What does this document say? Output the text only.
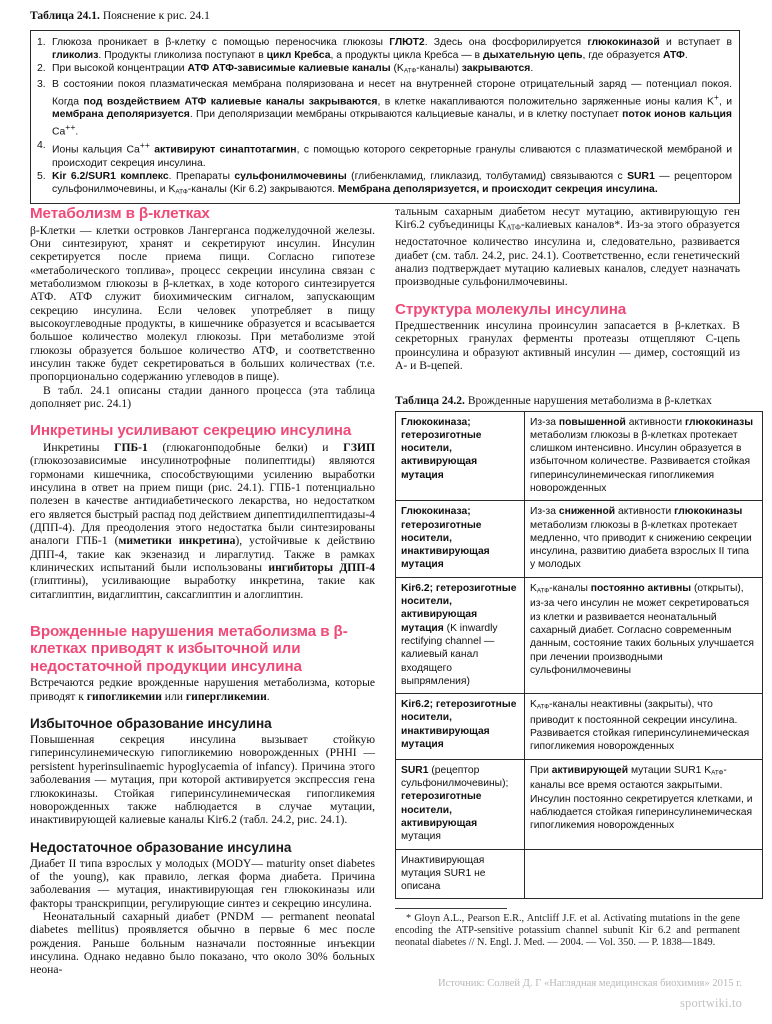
Таблица 24.1. Пояснение к рис. 24.1
Глюкоза проникает в β-клетку с помощью переносчика глюкозы ГЛЮТ2. Здесь она фосфорилируется глюкокиназой и вступает в гликолиз. Продукты гликолиза поступают в цикл Кребса, а продукты цикла Кребса — в дыхательную цепь, где образуется АТФ.
При высокой концентрации АТФ АТФ-зависимые калиевые каналы $(K_{АТФ}-каналы)$ закрываются.
В состоянии покоя плазматическая мембрана поляризована и несет на внутренней стороне отрицательный заряд — потенциал покоя. Когда под воздействием АТФ калиевые каналы закрываются, в клетке накапливаются положительно заряженные ионы калия K+, и мембрана деполяризуется. При деполяризации мембраны открываются кальциевые каналы, и в клетку поступает поток ионов кальция Ca++.
Ионы кальция Ca++ активируют синаптотагмин, с помощью которого секреторные гранулы сливаются с плазматической мембраной и происходит секреция инсулина.
Kir 6.2/SUR1 комплекс. Препараты сульфонилмочевины (глибенкламид, гликлазид, толбутамид) связываются с SUR1 — рецептором сульфонилмочевины, и $K_{АТФ}$-каналы (Kir 6.2) закрываются. Мембрана деполяризуется, и происходит секреция инсулина.
Метаболизм в β-клетках

β-Клетки — клетки островков Лангерганса поджелудочной железы. Они синтезируют, хранят и секретируют инсулин. Инсулин секретируется после приема пищи. Согласно гипотезе «метаболического топлива», процесс секреции инсулина связан с метаболизмом глюкозы в β-клетках, в ходе которого синтезируется АТФ. АТФ служит биохимическим сигналом, запускающим секрецию инсулина. Если человек употребляет в пищу высокоуглеводные продукты, в кишечнике образуется и всасывается большое количество молекул глюкозы. При метаболизме этой глюкозы образуется большое количество АТФ, и соответственно инсулин также будет секретироваться в больших количествах (т.е. пропорционально содержанию углеводов в пище).

В табл. 24.1 описаны стадии данного процесса (эта таблица дополняет рис. 24.1)

Инкретины усиливают секрецию инсулина

Инкретины ГПБ-1 (глюкагонподобные белки) и ГЗИП (глюкозозависимые инсулинотрофные полипептиды) являются гормонами кишечника, способствующими усилению выработки инсулина в ответ на прием пищи (рис. 24.1). ГПБ-1 потенциально полезен в качестве антидиабетического лекарства, но недостатком его является быстрый распад под действием дипептидилпептидазы-4 (ДПП-4). Для преодоления этого недостатка были синтезированы аналоги ГПБ-1 (миметики инкретина), устойчивые к действию ДПП-4, такие как экзеназид и лираглутид. Также в рамках клинических испытаний были использованы ингибиторы ДПП-4 (глиптины), усиливающие выработку инкретина, такие как ситаглиптин, видаглиптин, саксаглиптин и алоглиптин.

Врожденные нарушения метаболизма в β-клетках приводят к избыточной или недостаточной продукции инсулина

Встречаются редкие врожденные нарушения метаболизма, которые приводят к гипогликемии или гипергликемии.

Избыточное образование инсулина

Повышенная секреция инсулина вызывает стойкую гиперинсулинемическую гипогликемию новорожденных (PHHI — persistent hyperinsulinaemic hypoglycaemia of infancy). Причина этого заболевания — мутация, при которой активируется экспрессия гена глюкокиназы. Стойкая гиперинсулинемическая гипогликемия новорожденных также наблюдается в случае мутации, инактивирующей калиевые каналы Kir6.2 (табл. 24.2, рис. 24.1).

Недостаточное образование инсулина

Диабет II типа взрослых у молодых (MODY— maturity onset diabetes of the young), как правило, легкая форма диабета. Причина заболевания — мутация, инактивирующая ген глюкокиназы или факторы транскрипции, регулирующие синтез и секрецию инсулина.

Неонатальный сахарный диабет (PNDM — permanent neonatal diabetes mellitus) проявляется обычно в первые 6 мес после рождения. Раньше больным назначали постоянные инъекции инсулина. Однако недавно было показано, что около 30% больных неона-

тальным сахарным диабетом несут мутацию, активирующую ген Kir6.2 субъединицы $K_{АТФ}$-калиевых каналов*. Из-за этого образуется недостаточное количество инсулина и, следовательно, развивается диабет (см. табл. 24.2, рис. 24.1). Соответственно, если генетический анализ подтверждает мутацию калиевых каналов, следует назначать производные сульфонилмочевины.

Структура молекулы инсулина

Предшественник инсулина проинсулин запасается в β-клетках. В секреторных гранулах ферменты протеазы отщепляют C-цепь проинсулина и образуют активный инсулин — димер, состоящий из A- и B-цепей.

Таблица 24.2. Врожденные нарушения метаболизма в β-клетках
Глюкокиназа; гетерозиготные носители, активирующая мутация	Из-за повышенной активности глюкокиназы метаболизм глюкозы в β-клетках протекает слишком интенсивно. Инсулин образуется в избыточном количестве. Развивается стойкая гиперинсулинемическая гипогликемия новорожденных
Глюкокиназа; гетерозиготные носители, инактивирующая мутация	Из-за сниженной активности глюкокиназы метаболизм глюкозы в β-клетках протекает медленно, что приводит к снижению секреции инсулина, развитию диабета взрослых II типа у молодых
Kir6.2; гетерозиготные носители, активирующая мутация (K inwardly rectifying channel — калиевый канал входящего выпрямления)	$K_{АТФ}$-каналы постоянно активны (открыты), из-за чего инсулин не может секретироваться из клетки и развивается неонатальный сахарный диабет. Согласно современным данным, состояние таких больных улучшается при лечении производными сульфонилмочевины
Kir6.2; гетерозиготные носители, инактивирующая мутация	$K_{АТФ}$-каналы неактивны (закрыты), что приводит к постоянной секреции инсулина. Развивается стойкая гиперинсулинемическая гипогликемия новорожденных
SUR1 (рецептор сульфонилмочевины); гетерозиготные носители, активирующая мутация	При активирующей мутации SUR1 $K_{АТФ}$-каналы все время остаются закрытыми. Инсулин постоянно секретируется клетками, и наблюдается стойкая гиперинсулинемическая гипогликемия новорожденных
Инактивирующая мутация SUR1 не описана	

* Gloyn A.L., Pearson E.R., Antcliff J.F. et al. Activating mutations in the gene encoding the ATP-sensitive potassium channel subunit Kir 6.2 and permanent neonatal diabetes // N. Engl. J. Med. — 2004. — Vol. 350. — P. 1838—1849.

Источник: Солвей Д. Г «Наглядная медицинская биохимия» 2015 г.
sportwiki.to
